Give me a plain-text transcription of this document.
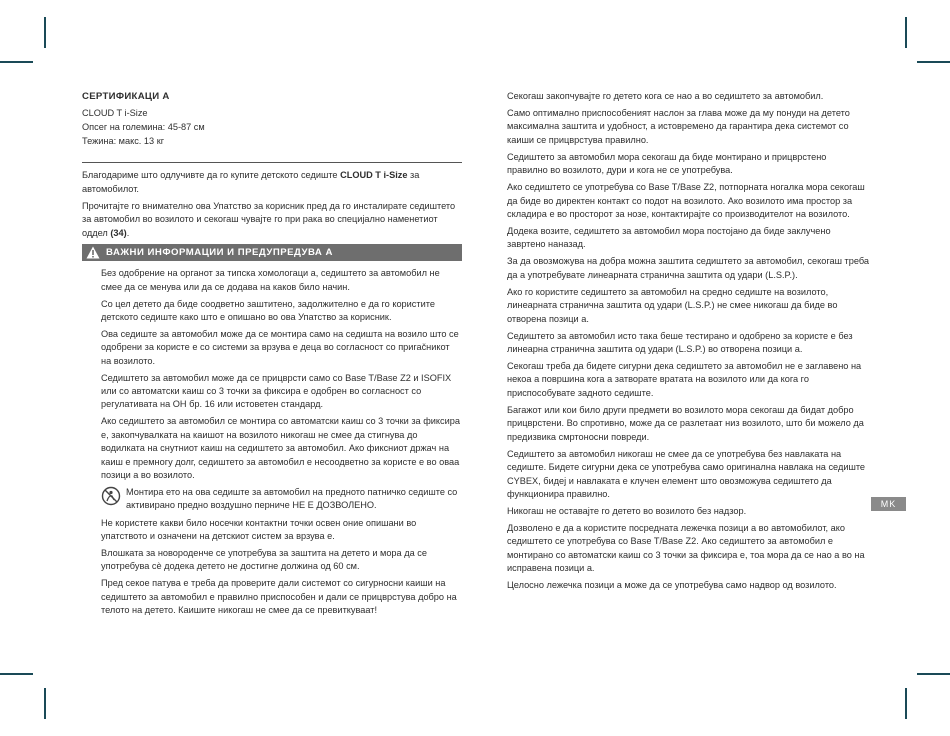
СЕРТИФИКАЦИ А

CLOUD T i-Size

Опсег на големина: 45-87 см

Тежина: макс. 13 кг

Благодариме што одлучивте да го купите детското седиште CLOUD T i-Size за автомобилот.

Прочитајте го внимателно ова Упатство за корисник пред да го инсталирате седиштето за автомобил во возилото и секогаш чувајте го при рака во специјално наменетиот оддел (34).

ВАЖНИ ИНФОРМАЦИИ И ПРЕДУПРЕДУВА А

Без одобрение на органот за типска хомологаци а, седиштето за автомобил не смее да се менува или да се додава на каков било начин.

Со цел детето да биде соодветно заштитено, задолжително е да го користите детското седиште како што е опишано во ова Упатство за корисник.

Ова седиште за автомобил може да се монтира само на седишта на возило што се одобрени за користе е со системи за врзува е деца во согласност со приračникот на возилото.

Седиштето за автомобил може да се прицврсти само со Base T/Base Z2 и ISOFIX или со автоматски каиш со 3 точки за фиксира е одобрен во согласност со регулативата на ОН бр. 16 или истоветен стандард.

Ако седиштето за автомобил се монтира со автоматски каиш со 3 точки за фиксира е, закопчувалката на каишот на возилото никогаш не смее да стигнува до водилката на снутниот каиш на седиштето за автомобил. Ако фиксниот држач на каиш е премногу долг, седиштето за автомобил е несоодветно за користе е во оваа позици а во возилото.

Монтира ето на ова седиште за автомобил на предното патничко седиште со активирано предно воздушно перниче НЕ Е ДОЗВОЛЕНО.

Не користете какви било носечки контактни точки освен оние опишани во упатството и означени на детскиот систем за врзува е.

Влошката за новороденче се употребува за заштита на детето и мора да се употребува сè додека детето не достигне должина од 60 см.

Пред секое патува е треба да проверите дали системот со сигурносни каиши на седиштето за автомобил е правилно приспособен и дали се прицврстува добро на телото на детето. Каишите никогаш не смее да се превиткуваат!

Секогаш закопчувајте го детето кога се нао а во седиштето за автомобил.

Само оптимално приспособеният наслон за глава може да му понуди на детето максимална заштита и удобност, а истовремено да гарантира дека системот со каиши се прицврстува правилно.

Седиштето за автомобил мора секогаш да биде монтирано и прицврстено правилно во возилото, дури и кога не се употребува.

Ако седиштето се употребува со Base T/Base Z2, потпорната ногалка мора секогаш да биде во директен контакт со подот на возилото. Ако возилото има простор за складира е во просторот за нозе, контактирајте со производителот на возилото.

Додека возите, седиштето за автомобил мора постојано да биде заклучено завртено наназад.

За да овозможува на добра можна заштита седиштето за автомобил, секогаш треба да а употребувате линеарната странична заштита од удари (L.S.P.).

Ако го користите седиштето за автомобил на средно седиште на возилото, линеарната странична заштита од удари (L.S.P.) не смее никогаш да биде во отворена позици а.

Седиштето за автомобил исто така беше тестирано и одобрено за користе е без линеарна странична заштита од удари (L.S.P.) во отворена позици а.

Секогаш треба да бидете сигурни дека седиштето за автомобил не е заглавено на некоа а површина кога а затворате вратата на возилото или да кога го приспособувате задното седиште.

Багажот или кои било други предмети во возилото мора секогаш да бидат добро прицврстени. Во спротивно, може да се разлетаат низ возилото, што би можело да предизвика смртоносни повреди.

Седиштето за автомобил никогаш не смее да се употребува без навлаката на седиште. Бидете сигурни дека се употребува само оригинална навлака на седиште CYBEX, бидеј и навлаката е клучен елемент што овозможува седиштето да функционира правилно.

Никогаш не оставајте го детето во возилото без надзор.

Дозволено е да а користите посредната лежечка позици а во автомобилот, ако седиштето се употребува со Base T/Base Z2. Ако седиштето за автомобил е монтирано со автоматски каиш со 3 точки за фиксира е, тоа мора да се нао а во на исправена позици а.

Целосно лежечка позици а може да се употребува само надвор од возилото.

MK
